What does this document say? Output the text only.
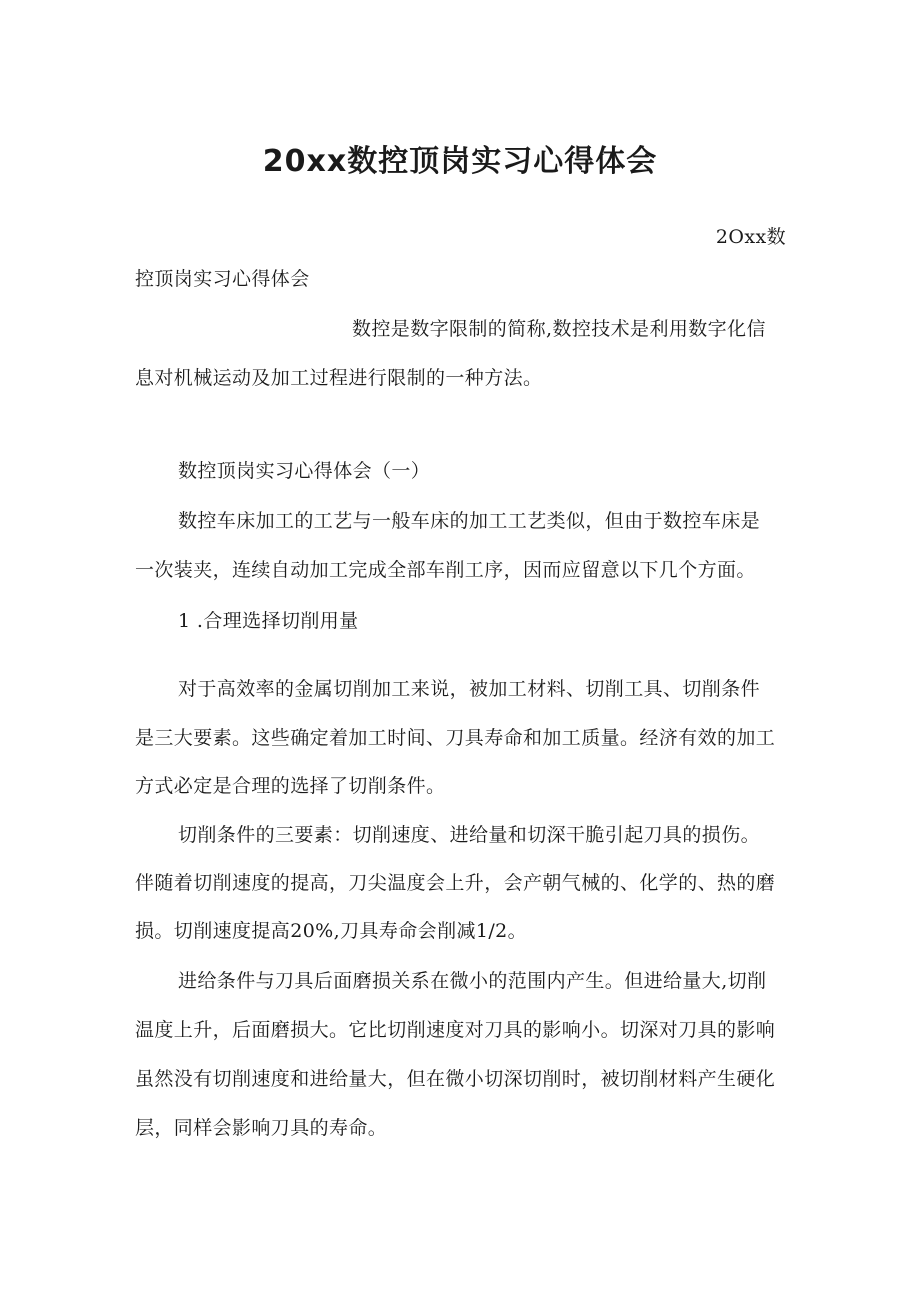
20xx数控顶岗实习心得体会
2Oxx数
控顶岗实习心得体会
数控是数字限制的简称,数控技术是利用数字化信
息对机械运动及加工过程进行限制的一种方法。
数控顶岗实习心得体会（一）
数控车床加工的工艺与一般车床的加工工艺类似，但由于数控车床是
一次装夹，连续自动加工完成全部车削工序，因而应留意以下几个方面。
1 .合理选择切削用量
对于高效率的金属切削加工来说，被加工材料、切削工具、切削条件
是三大要素。这些确定着加工时间、刀具寿命和加工质量。经济有效的加工
方式必定是合理的选择了切削条件。
切削条件的三要素：切削速度、进给量和切深干脆引起刀具的损伤。
伴随着切削速度的提高，刀尖温度会上升，会产朝气械的、化学的、热的磨
损。切削速度提高20%,刀具寿命会削减1/2。
进给条件与刀具后面磨损关系在微小的范围内产生。但进给量大,切削
温度上升，后面磨损大。它比切削速度对刀具的影响小。切深对刀具的影响
虽然没有切削速度和进给量大，但在微小切深切削时，被切削材料产生硬化
层，同样会影响刀具的寿命。
